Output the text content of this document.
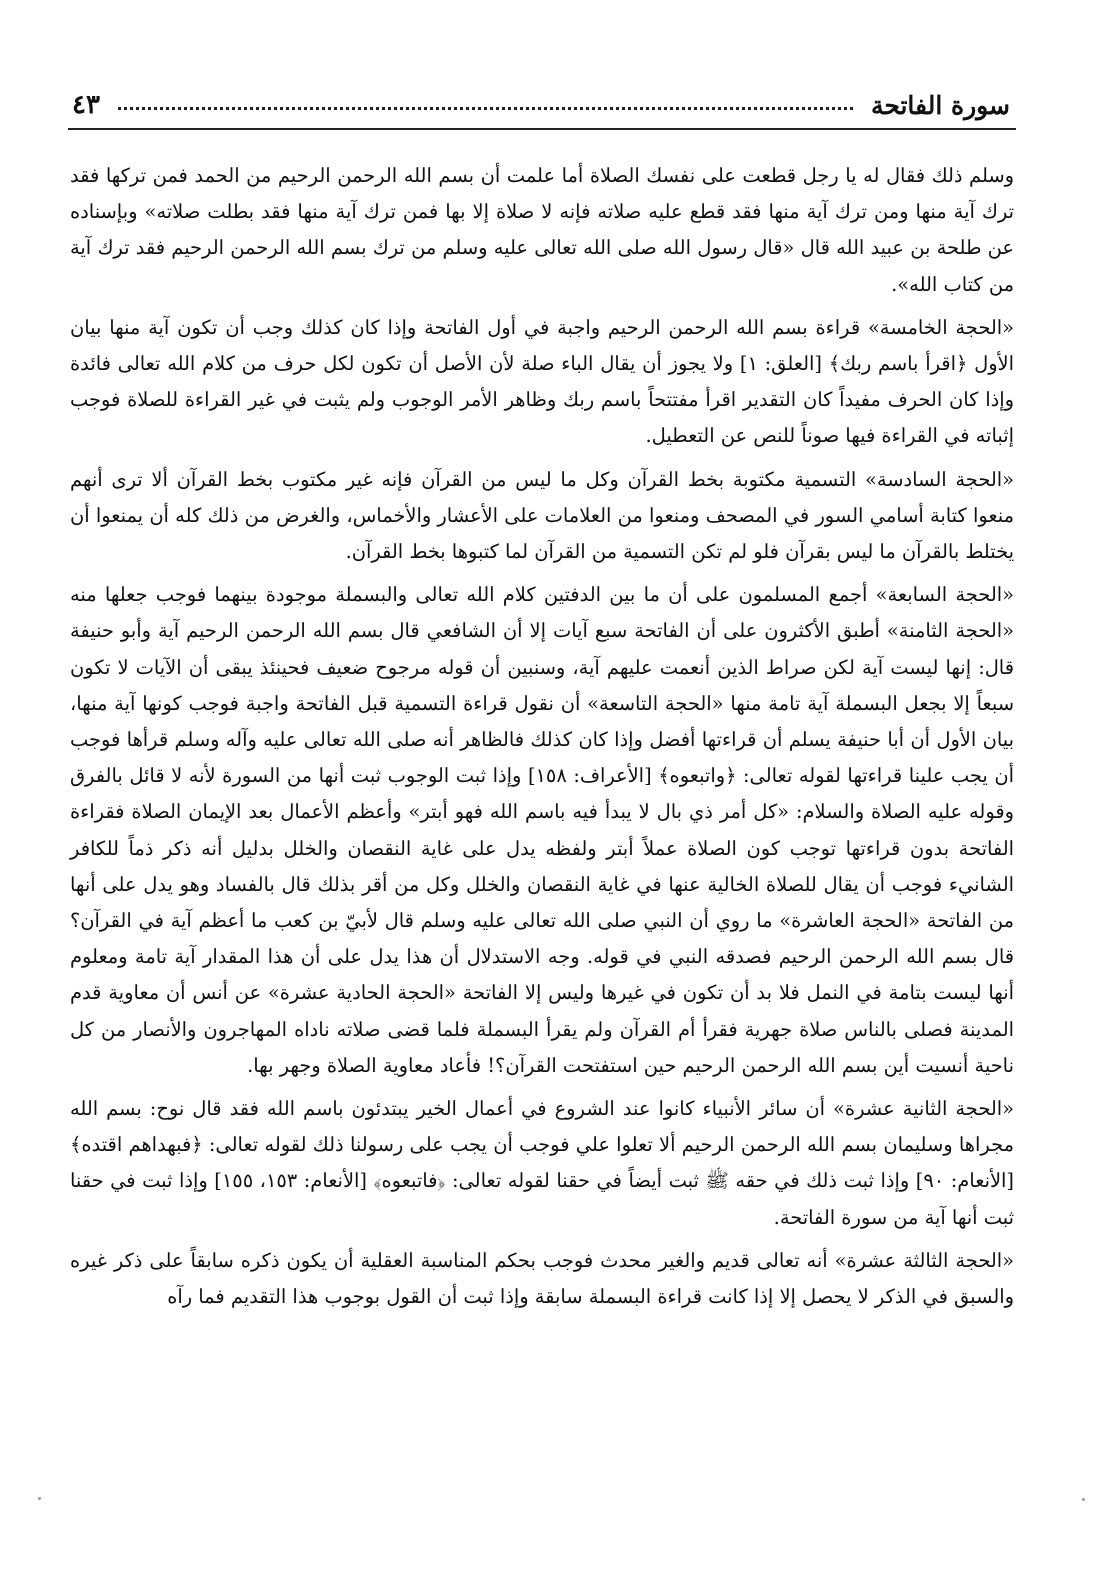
سورة الفاتحة
٤٣

وسلم ذلك فقال له يا رجل قطعت على نفسك الصلاة أما علمت أن بسم الله الرحمن الرحيم من الحمد فمن تركها فقد ترك آية منها ومن ترك آية منها فقد قطع عليه صلاته فإنه لا صلاة إلا بها فمن ترك آية منها فقد بطلت صلاته» وبإسناده عن طلحة بن عبيد الله قال «قال رسول الله صلى الله تعالى عليه وسلم من ترك بسم الله الرحمن الرحيم فقد ترك آية من كتاب الله».

«الحجة الخامسة» قراءة بسم الله الرحمن الرحيم واجبة في أول الفاتحة وإذا كان كذلك وجب أن تكون آية منها بيان الأول ﴿اقرأ باسم ربك﴾ [العلق: ١] ولا يجوز أن يقال الباء صلة لأن الأصل أن تكون لكل حرف من كلام الله تعالى فائدة وإذا كان الحرف مفيداً كان التقدير اقرأ مفتتحاً باسم ربك وظاهر الأمر الوجوب ولم يثبت في غير القراءة للصلاة فوجب إثباته في القراءة فيها صوناً للنص عن التعطيل.

«الحجة السادسة» التسمية مكتوبة بخط القرآن وكل ما ليس من القرآن فإنه غير مكتوب بخط القرآن ألا ترى أنهم منعوا كتابة أسامي السور في المصحف ومنعوا من العلامات على الأعشار والأخماس، والغرض من ذلك كله أن يمنعوا أن يختلط بالقرآن ما ليس بقرآن فلو لم تكن التسمية من القرآن لما كتبوها بخط القرآن.

«الحجة السابعة» أجمع المسلمون على أن ما بين الدفتين كلام الله تعالى والبسملة موجودة بينهما فوجب جعلها منه «الحجة الثامنة» أطبق الأكثرون على أن الفاتحة سبع آيات إلا أن الشافعي قال بسم الله الرحمن الرحيم آية وأبو حنيفة قال: إنها ليست آية لكن صراط الذين أنعمت عليهم آية، وسنبين أن قوله مرجوح ضعيف فحينئذ يبقى أن الآيات لا تكون سبعاً إلا بجعل البسملة آية تامة منها «الحجة التاسعة» أن نقول قراءة التسمية قبل الفاتحة واجبة فوجب كونها آية منها، بيان الأول أن أبا حنيفة يسلم أن قراءتها أفضل وإذا كان كذلك فالظاهر أنه صلى الله تعالى عليه وآله وسلم قرأها فوجب أن يجب علينا قراءتها لقوله تعالى: ﴿واتبعوه﴾ [الأعراف: ١٥٨] وإذا ثبت الوجوب ثبت أنها من السورة لأنه لا قائل بالفرق وقوله عليه الصلاة والسلام: «كل أمر ذي بال لا يبدأ فيه باسم الله فهو أبتر» وأعظم الأعمال بعد الإيمان الصلاة فقراءة الفاتحة بدون قراءتها توجب كون الصلاة عملاً أبتر ولفظه يدل على غاية النقصان والخلل بدليل أنه ذكر ذماً للكافر الشانيء فوجب أن يقال للصلاة الخالية عنها في غاية النقصان والخلل وكل من أقر بذلك قال بالفساد وهو يدل على أنها من الفاتحة «الحجة العاشرة» ما روي أن النبي صلى الله تعالى عليه وسلم قال لأبيّ بن كعب ما أعظم آية في القرآن؟ قال بسم الله الرحمن الرحيم فصدقه النبي في قوله. وجه الاستدلال أن هذا يدل على أن هذا المقدار آية تامة ومعلوم أنها ليست بتامة في النمل فلا بد أن تكون في غيرها وليس إلا الفاتحة «الحجة الحادية عشرة» عن أنس أن معاوية قدم المدينة فصلى بالناس صلاة جهرية فقرأ أم القرآن ولم يقرأ البسملة فلما قضى صلاته ناداه المهاجرون والأنصار من كل ناحية أنسيت أين بسم الله الرحمن الرحيم حين استفتحت القرآن؟! فأعاد معاوية الصلاة وجهر بها.

«الحجة الثانية عشرة» أن سائر الأنبياء كانوا عند الشروع في أعمال الخير يبتدئون باسم الله فقد قال نوح: بسم الله مجراها وسليمان بسم الله الرحمن الرحيم ألا تعلوا علي فوجب أن يجب على رسولنا ذلك لقوله تعالى: ﴿فبهداهم اقتده﴾ [الأنعام: ٩٠] وإذا ثبت ذلك في حقه ﷺ ثبت أيضاً في حقنا لقوله تعالى: ﴿فاتبعوه﴾ [الأنعام: ١٥٣، ١٥٥] وإذا ثبت في حقنا ثبت أنها آية من سورة الفاتحة.

«الحجة الثالثة عشرة» أنه تعالى قديم والغير محدث فوجب بحكم المناسبة العقلية أن يكون ذكره سابقاً على ذكر غيره والسبق في الذكر لا يحصل إلا إذا كانت قراءة البسملة سابقة وإذا ثبت أن القول بوجوب هذا التقديم فما رآه
